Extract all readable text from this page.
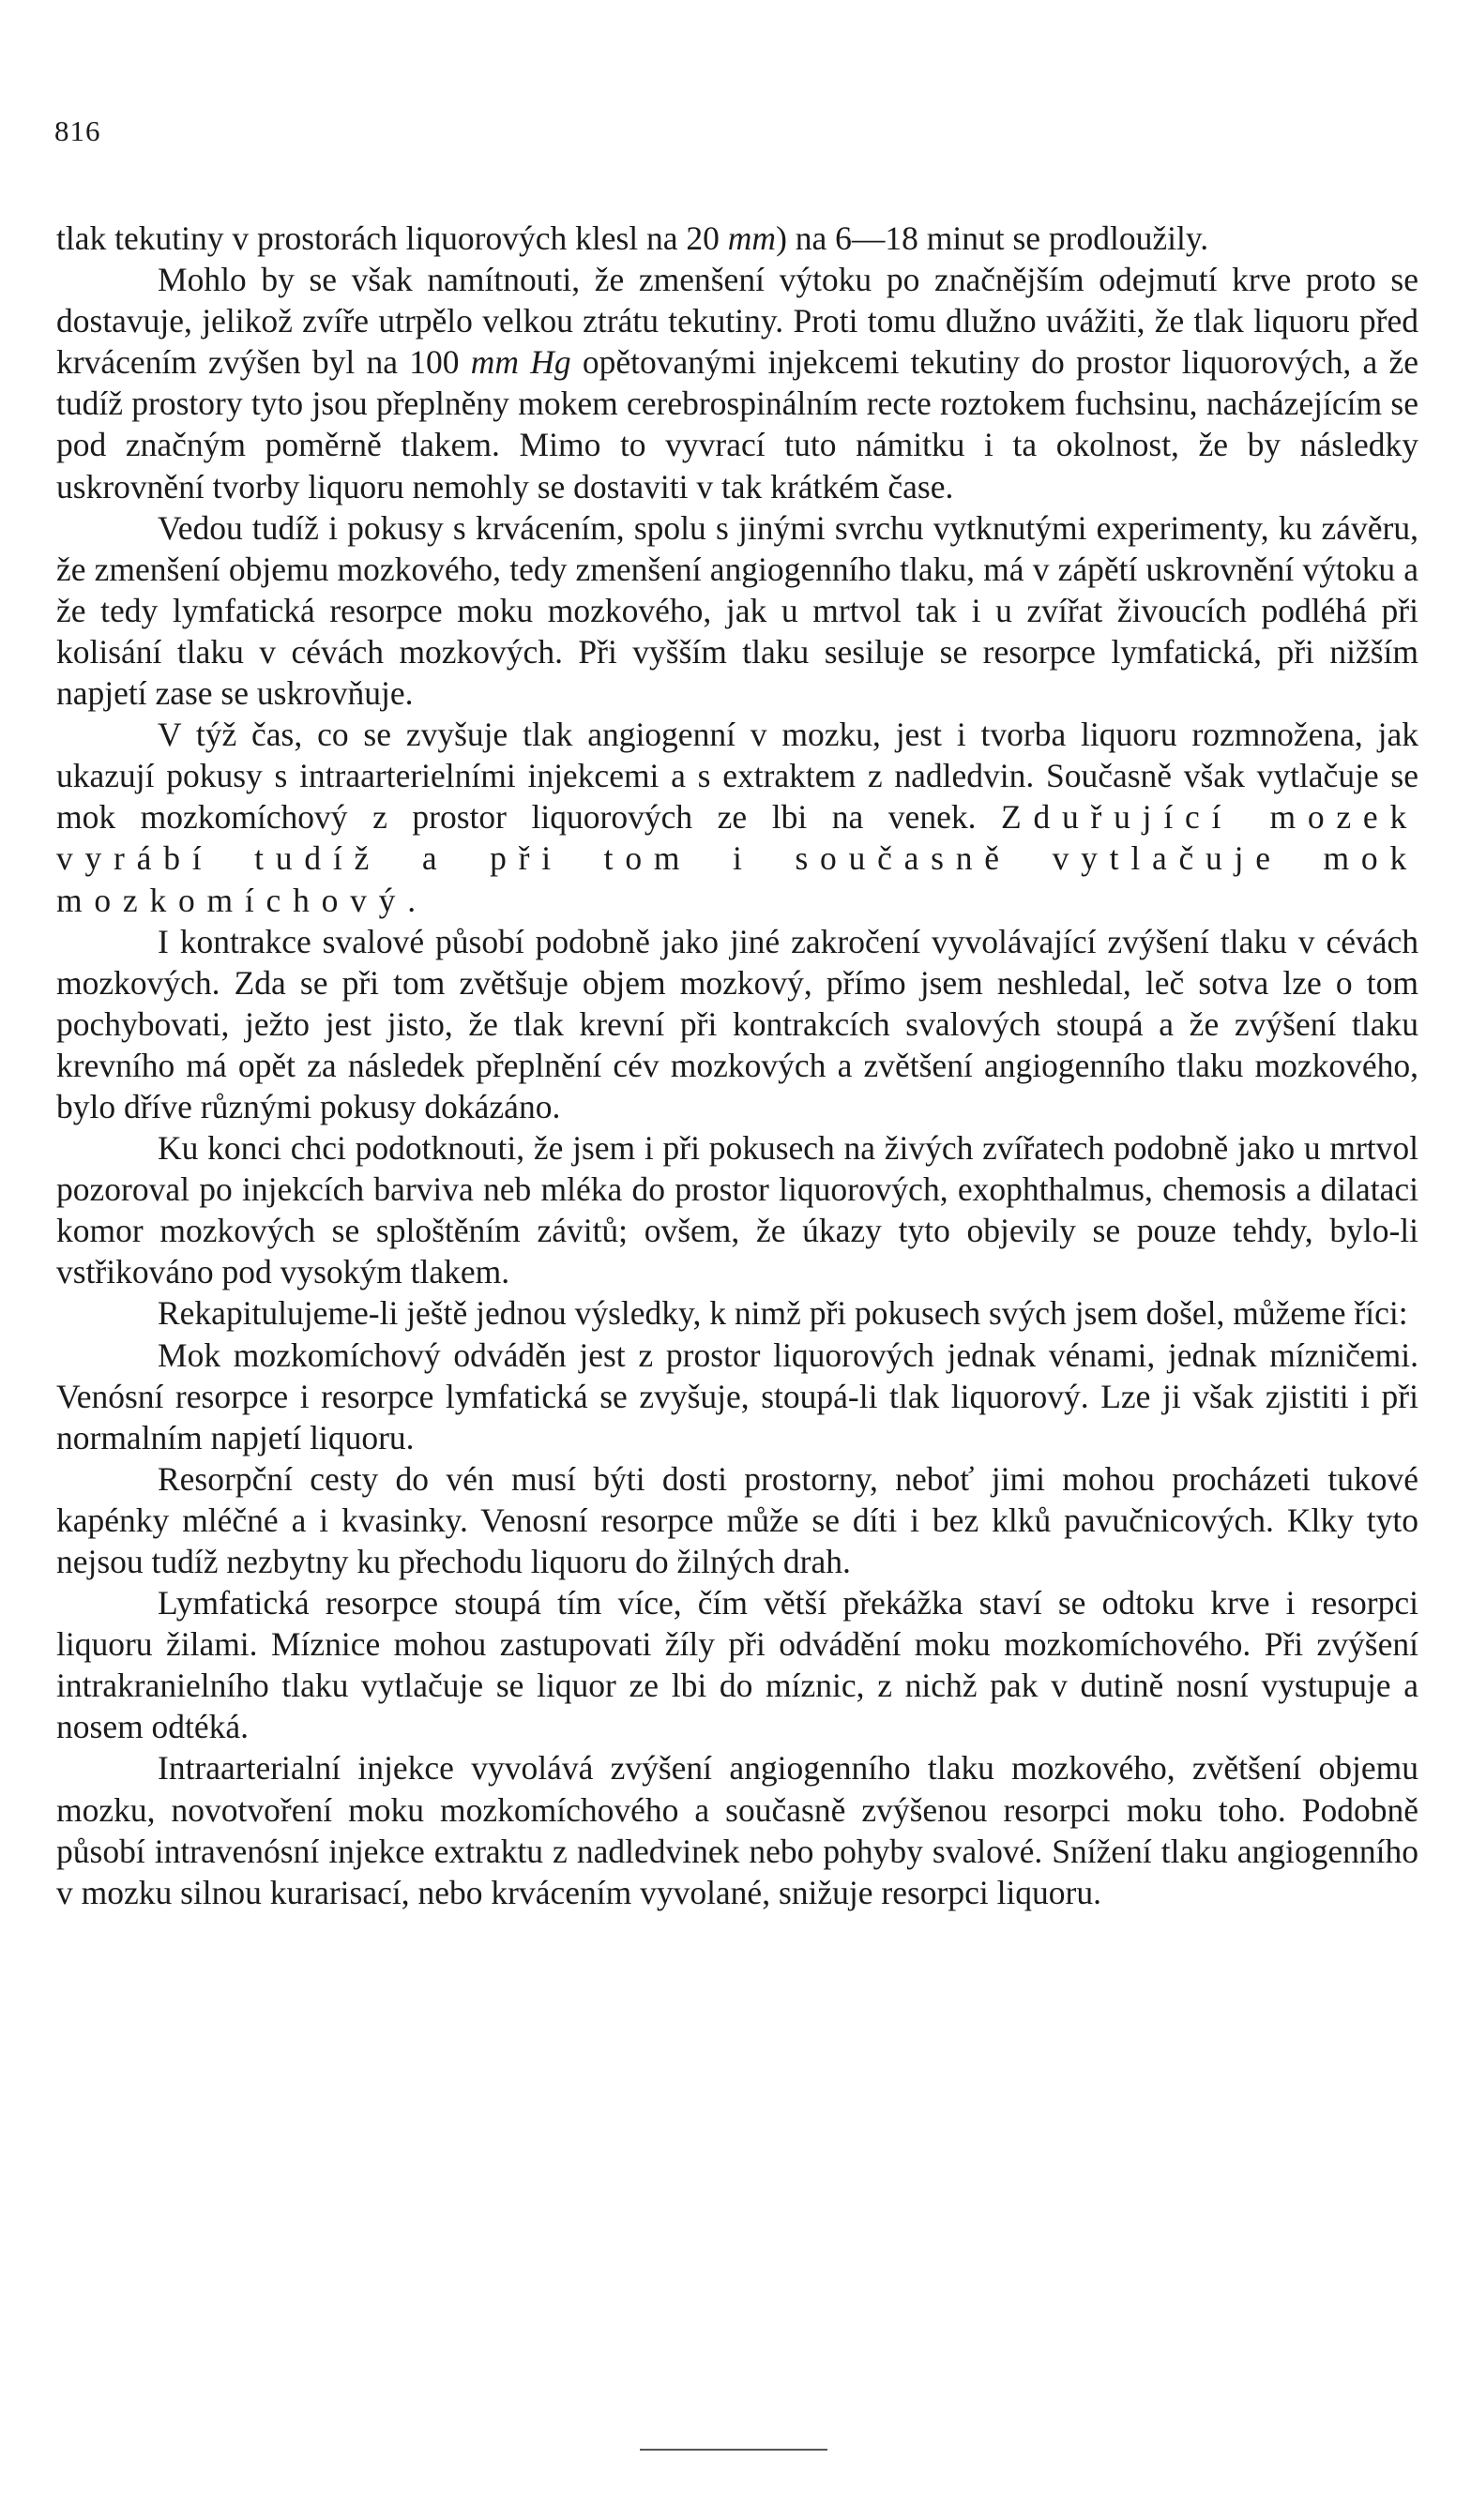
816

tlak tekutiny v prostorách liquorových klesl na 20 mm) na 6—18 minut se prodloužily.

Mohlo by se však namítnouti, že zmenšení výtoku po značnějším odejmutí krve proto se dostavuje, jelikož zvíře utrpělo velkou ztrátu tekutiny. Proti tomu dlužno uvážiti, že tlak liquoru před krvácením zvýšen byl na 100 mm Hg opětovanými injekcemi tekutiny do prostor liquorových, a že tudíž prostory tyto jsou přeplněny mokem cerebrospinálním recte roztokem fuchsinu, nacházejícím se pod značným poměrně tlakem. Mimo to vyvrací tuto námitku i ta okolnost, že by následky uskrovnění tvorby liquoru nemohly se dostaviti v tak krátkém čase.

Vedou tudíž i pokusy s krvácením, spolu s jinými svrchu vytknutými experimenty, ku závěru, že zmenšení objemu mozkového, tedy zmenšení angiogenního tlaku, má v zápětí uskrovnění výtoku a že tedy lymfatická resorpce moku mozkového, jak u mrtvol tak i u zvířat živoucích podléhá při kolisání tlaku v cévách mozkových. Při vyšším tlaku sesiluje se resorpce lymfatická, při nižším napjetí zase se uskrovňuje.

V týž čas, co se zvyšuje tlak angiogenní v mozku, jest i tvorba liquoru rozmnožena, jak ukazují pokusy s intraarterielními injekcemi a s extraktem z nadledvin. Současně však vytlačuje se mok mozkomíchový z prostor liquorových ze lbi na venek. Zduřující mozek vyrábí tudíž a při tom i současně vytlačuje mok mozkomíchový.

I kontrakce svalové působí podobně jako jiné zakročení vyvolávající zvýšení tlaku v cévách mozkových. Zda se při tom zvětšuje objem mozkový, přímo jsem neshledal, leč sotva lze o tom pochybovati, ježto jest jisto, že tlak krevní při kontrakcích svalových stoupá a že zvýšení tlaku krevního má opět za následek přeplnění cév mozkových a zvětšení angiogenního tlaku mozkového, bylo dříve různými pokusy dokázáno.

Ku konci chci podotknouti, že jsem i při pokusech na živých zvířatech podobně jako u mrtvol pozoroval po injekcích barviva neb mléka do prostor liquorových, exophthalmus, chemosis a dilataci komor mozkových se sploštěním závitů; ovšem, že úkazy tyto objevily se pouze tehdy, bylo-li vstřikováno pod vysokým tlakem.

Rekapitulujeme-li ještě jednou výsledky, k nimž při pokusech svých jsem došel, můžeme říci:

Mok mozkomíchový odváděn jest z prostor liquorových jednak vénami, jednak mízničemi. Venósní resorpce i resorpce lymfatická se zvyšuje, stoupá-li tlak liquorový. Lze ji však zjistiti i při normalním napjetí liquoru.

Resorpční cesty do vén musí býti dosti prostorny, neboť jimi mohou procházeti tukové kapénky mléčné a i kvasinky. Venosní resorpce může se díti i bez klků pavučnicových. Klky tyto nejsou tudíž nezbytny ku přechodu liquoru do žilných drah.

Lymfatická resorpce stoupá tím více, čím větší překážka staví se odtoku krve i resorpci liquoru žilami. Míznice mohou zastupovati žíly při odvádění moku mozkomíchového. Při zvýšení intrakranielního tlaku vytlačuje se liquor ze lbi do míznic, z nichž pak v dutině nosní vystupuje a nosem odtéká.

Intraarterialní injekce vyvolává zvýšení angiogenního tlaku mozkového, zvětšení objemu mozku, novotvoření moku mozkomíchového a současně zvýšenou resorpci moku toho. Podobně působí intravenósní injekce extraktu z nadledvinek nebo pohyby svalové. Snížení tlaku angiogenního v mozku silnou kurarisací, nebo krvácením vyvolané, snižuje resorpci liquoru.
